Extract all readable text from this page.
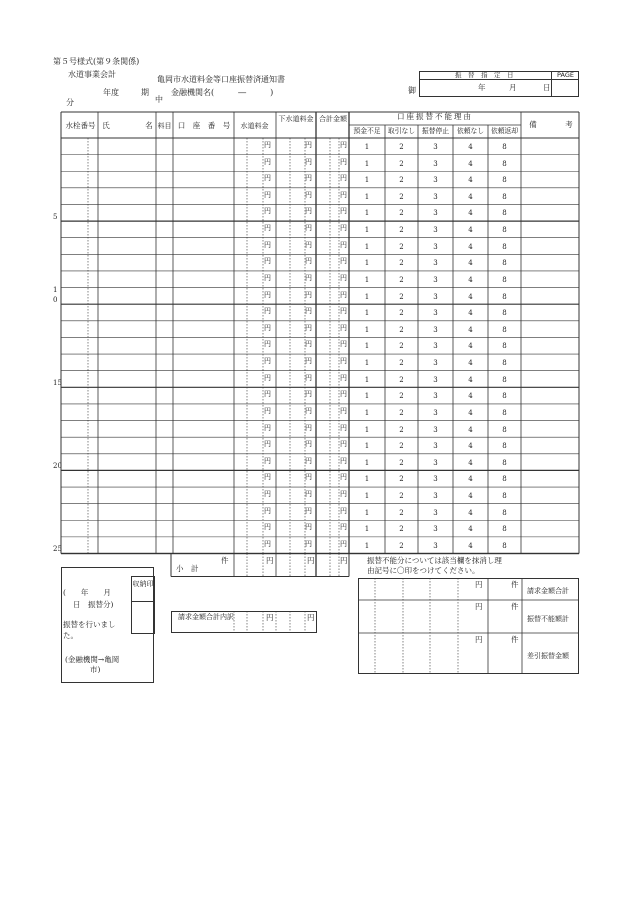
第５号様式(第９条関係)
水道事業会計
亀岡市水道料金等口座振替済通知書
金融機関名(　　　―　　　)
年度	期
中
分
御
振　替　指　定　日	PAGE
年	月	日
水栓番号 氏	名 料目 口　座　番　号	水道料金
下水道料金 合計金額	口座振替不能理由
備	考
預金不足	取引なし	振替停止	依頼なし	依頼返却
円	円	円	1	2	3	4	8
円	円	円	1	2	3	4	8
円	円	円	1	2	3	4	8
円	円	円	1	2	3	4	8
円	円	円	1	2	3	4	8
円	円	円	1	2	3	4	8
円	円	円	1	2	3	4	8
円	円	円	1	2	3	4	8
円	円	円	1	2	3	4	8
円	円	円	1	2	3	4	8
円	円	円	1	2	3	4	8
円	円	円	1	2	3	4	8
円	円	円	1	2	3	4	8
円	円	円	1	2	3	4	8
円	円	円	1	2	3	4	8
円	円	円	1	2	3	4	8
円	円	円	1	2	3	4	8
円	円	円	1	2	3	4	8
円	円	円	1	2	3	4	8
円	円	円	1	2	3	4	8
円	円	円	1	2	3	4	8
円	円	円	1	2	3	4	8
円	円	円	1	2	3	4	8
円	円	円	1	2	3	4	8
円	円	円	1	2	3	4	8
5
1
0
15
20
25
件
小　計
円	円	円	振替不能分については該当欄を抹消し理
由記号に〇印をつけてください。
収納印
(　　年　　月
日　振替分)
振替を行いまし
た。
(金融機関→亀岡
市)
請求金額合計内訳	円	円
円	件
請求金額合計
円	件
振替不能額計
円	件
差引振替金額
